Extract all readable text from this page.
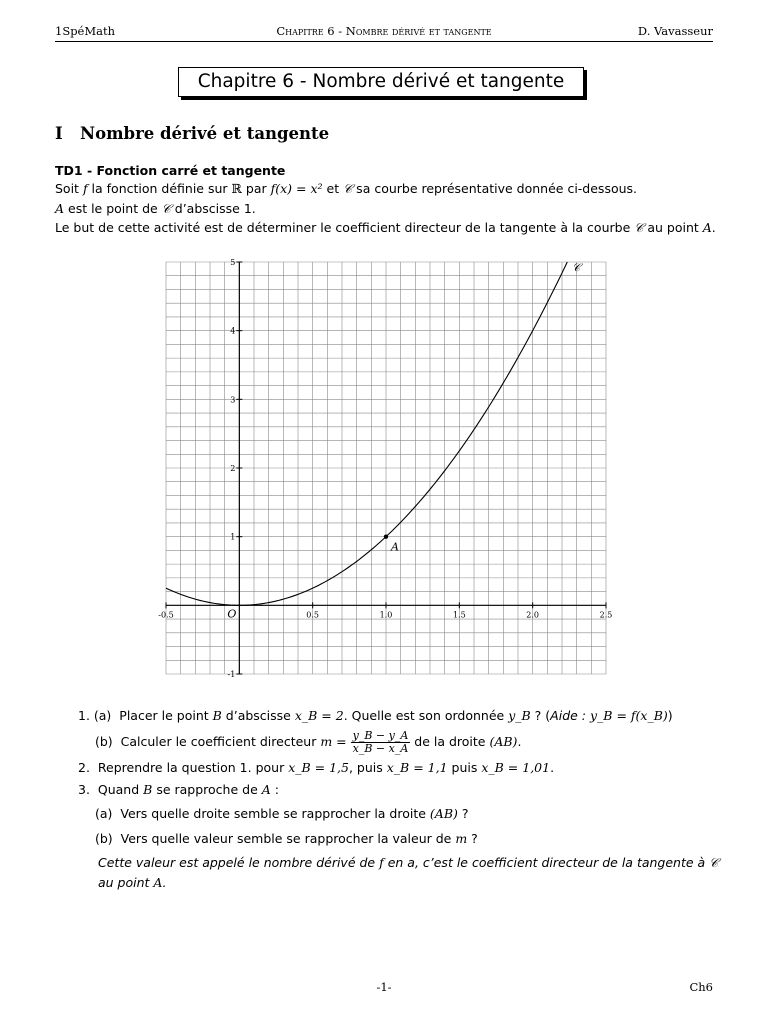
1SpéMath	Chapitre 6 - Nombre dérivé et tangente	D. Vavasseur
Chapitre 6 - Nombre dérivé et tangente
I Nombre dérivé et tangente
TD1 - Fonction carré et tangente
Soit f la fonction définie sur ℝ par f(x) = x² et 𝒞 sa courbe représentative donnée ci-dessous.
A est le point de 𝒞 d’abscisse 1.
Le but de cette activité est de déterminer le coefficient directeur de la tangente à la courbe 𝒞 au point A.
-0.5	0.5	1.0	1.5	2.0	2.5
-1
1
2
3
4
5
A
O
𝒞
1. (a) Placer le point B d’abscisse x_B = 2. Quelle est son ordonnée y_B ? (Aide : y_B = f(x_B))
(b) Calculer le coefficient directeur $m = \frac{y\_B - y\_A}{x\_B - x\_A}$ de la droite (AB).
2. Reprendre la question 1. pour x_B = 1,5, puis x_B = 1,1 puis x_B = 1,01.
3. Quand B se rapproche de A :
(a) Vers quelle droite semble se rapprocher la droite (AB) ?
(b) Vers quelle valeur semble se rapprocher la valeur de m ?
Cette valeur est appelé le nombre dérivé de f en a, c’est le coefficient directeur de la tangente à 𝒞
au point A.
-1-	Ch6
